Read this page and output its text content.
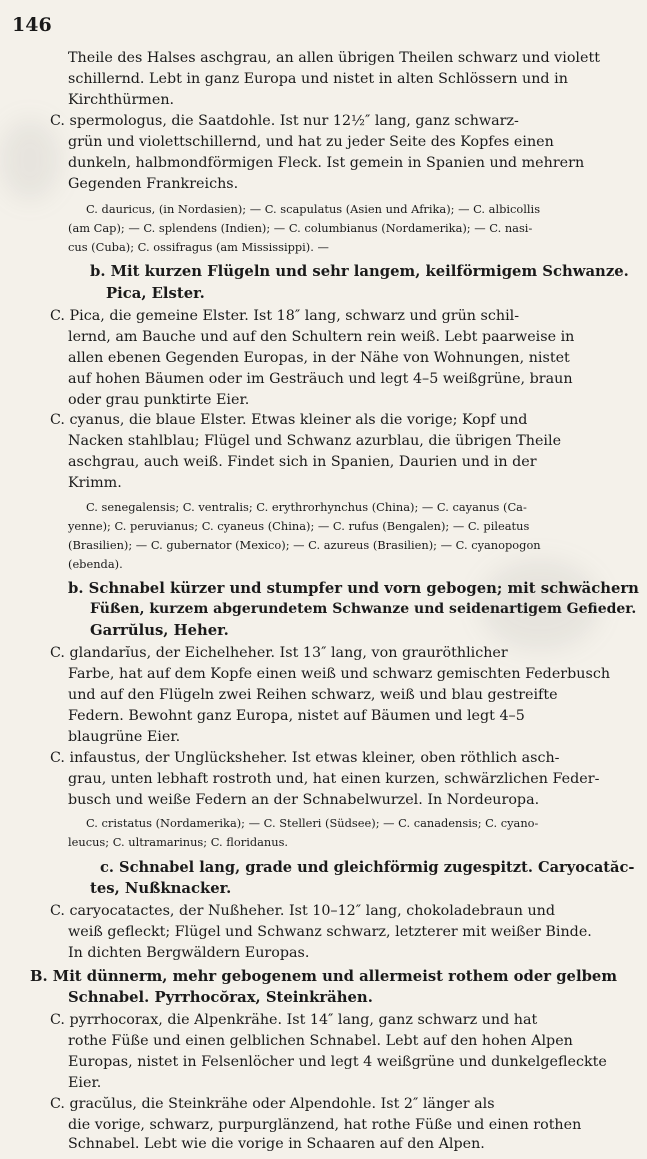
146
Theile des Halses aschgrau, an allen übrigen Theilen schwarz und violett
schillernd. Lebt in ganz Europa und nistet in alten Schlössern und in
Kirchthürmen.
C. spermologus, die Saatdohle. Ist nur 12½″ lang, ganz schwarz-
grün und violettschillernd, und hat zu jeder Seite des Kopfes einen
dunkeln, halbmondförmigen Fleck. Ist gemein in Spanien und mehrern
Gegenden Frankreichs.
C. dauricus, (in Nordasien); — C. scapulatus (Asien und Afrika); — C. albicollis
(am Cap); — C. splendens (Indien); — C. columbianus (Nordamerika); — C. nasi-
cus (Cuba); C. ossifragus (am Mississippi). —
b. Mit kurzen Flügeln und sehr langem, keilförmigem Schwanze.
Pica, Elster.
C. Pica, die gemeine Elster. Ist 18″ lang, schwarz und grün schil-
lernd, am Bauche und auf den Schultern rein weiß. Lebt paarweise in
allen ebenen Gegenden Europas, in der Nähe von Wohnungen, nistet
auf hohen Bäumen oder im Gesträuch und legt 4–5 weißgrüne, braun
oder grau punktirte Eier.
C. cyanus, die blaue Elster. Etwas kleiner als die vorige; Kopf und
Nacken stahlblau; Flügel und Schwanz azurblau, die übrigen Theile
aschgrau, auch weiß. Findet sich in Spanien, Daurien und in der
Krimm.
C. senegalensis; C. ventralis; C. erythrorhynchus (China); — C. cayanus (Ca-
yenne); C. peruvianus; C. cyaneus (China); — C. rufus (Bengalen); — C. pileatus
(Brasilien); — C. gubernator (Mexico); — C. azureus (Brasilien); — C. cyanopogon
(ebenda).
b. Schnabel kürzer und stumpfer und vorn gebogen; mit schwächern
Füßen, kurzem abgerundetem Schwanze und seidenartigem Gefieder.
Garrŭlus, Heher.
C. glandarĭus, der Eichelheher. Ist 13″ lang, von grauröthlicher
Farbe, hat auf dem Kopfe einen weiß und schwarz gemischten Federbusch
und auf den Flügeln zwei Reihen schwarz, weiß und blau gestreifte
Federn. Bewohnt ganz Europa, nistet auf Bäumen und legt 4–5
blaugrüne Eier.
C. infaustus, der Unglücksheher. Ist etwas kleiner, oben röthlich asch-
grau, unten lebhaft rostroth und, hat einen kurzen, schwärzlichen Feder-
busch und weiße Federn an der Schnabelwurzel. In Nordeuropa.
C. cristatus (Nordamerika); — C. Stelleri (Südsee); — C. canadensis; C. cyano-
leucus; C. ultramarinus; C. floridanus.
c. Schnabel lang, grade und gleichförmig zugespitzt. Caryocatăc-
tes, Nußknacker.
C. caryocatactes, der Nußheher. Ist 10–12″ lang, chokoladebraun und
weiß gefleckt; Flügel und Schwanz schwarz, letzterer mit weißer Binde.
In dichten Bergwäldern Europas.
B. Mit dünnerm, mehr gebogenem und allermeist rothem oder gelbem
Schnabel. Pyrrhocŏrax, Steinkrähen.
C. pyrrhocorax, die Alpenkrähe. Ist 14″ lang, ganz schwarz und hat
rothe Füße und einen gelblichen Schnabel. Lebt auf den hohen Alpen
Europas, nistet in Felsenlöcher und legt 4 weißgrüne und dunkelgefleckte
Eier.
C. gracŭlus, die Steinkrähe oder Alpendohle. Ist 2″ länger als
die vorige, schwarz, purpurglänzend, hat rothe Füße und einen rothen
Schnabel. Lebt wie die vorige in Schaaren auf den Alpen.
